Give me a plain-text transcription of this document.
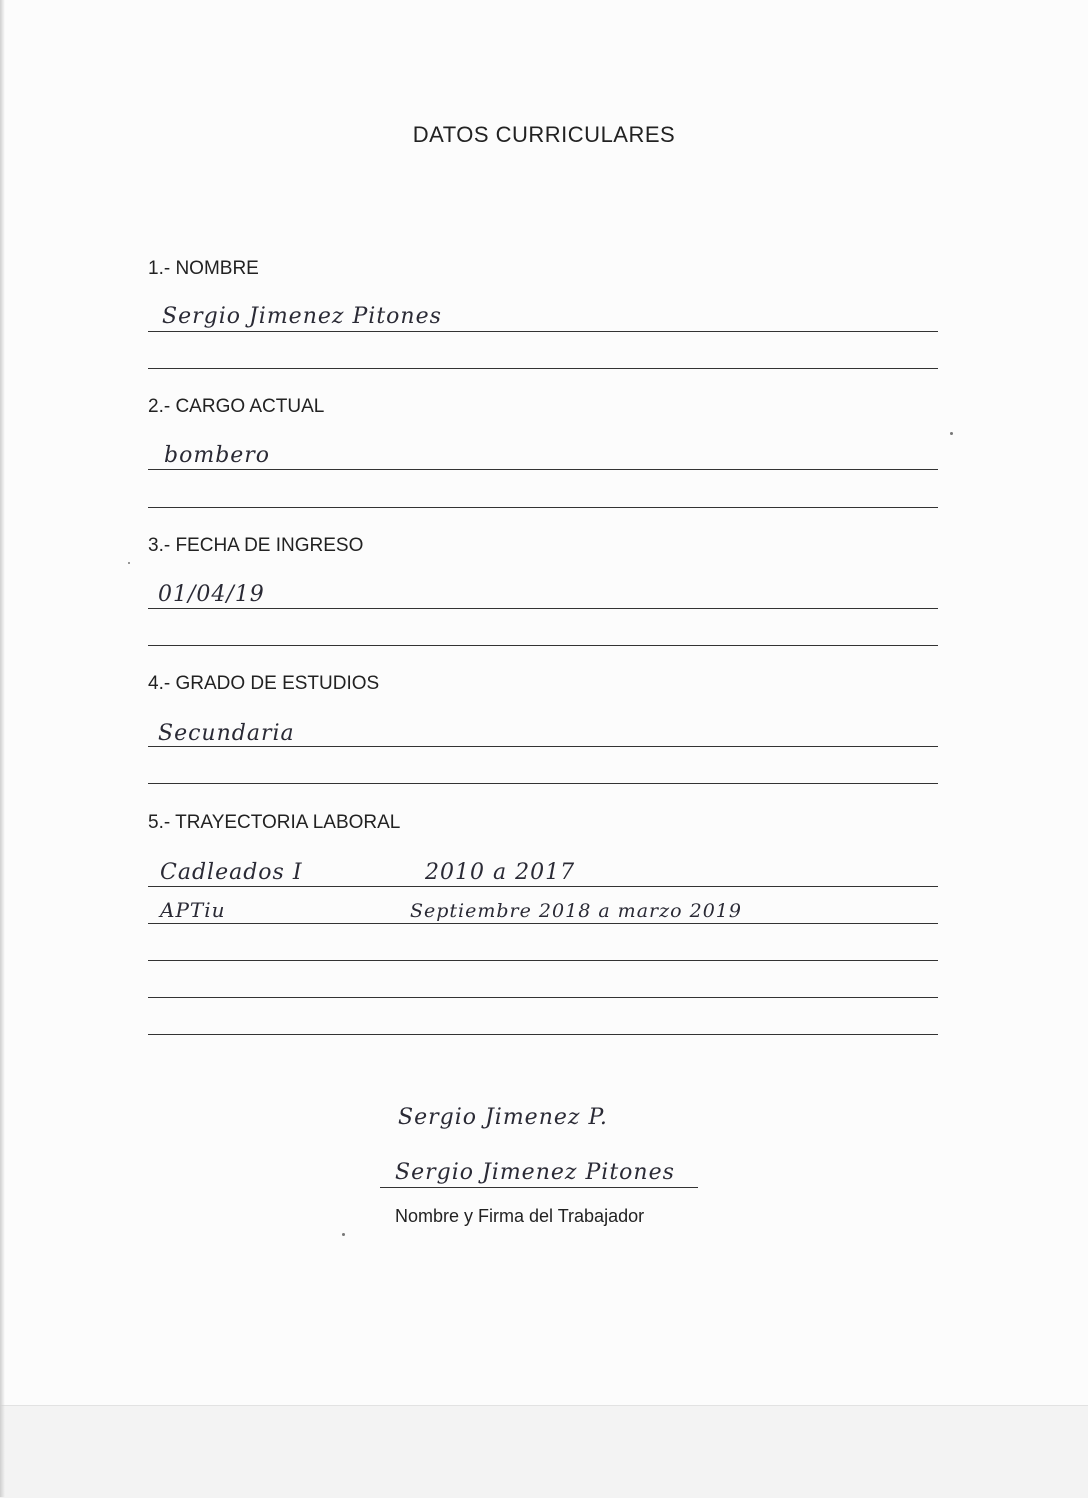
DATOS CURRICULARES
1.- NOMBRE
Sergio Jimenez Pitones
2.- CARGO ACTUAL
bombero
3.- FECHA DE INGRESO
01/04/19
4.- GRADO DE ESTUDIOS
Secundaria
5.- TRAYECTORIA LABORAL
Cadleados I	2010 a 2017
APTiu	Septiembre 2018 a marzo 2019
Sergio Jimenez P.
Sergio Jimenez Pitones
Nombre y Firma del Trabajador
